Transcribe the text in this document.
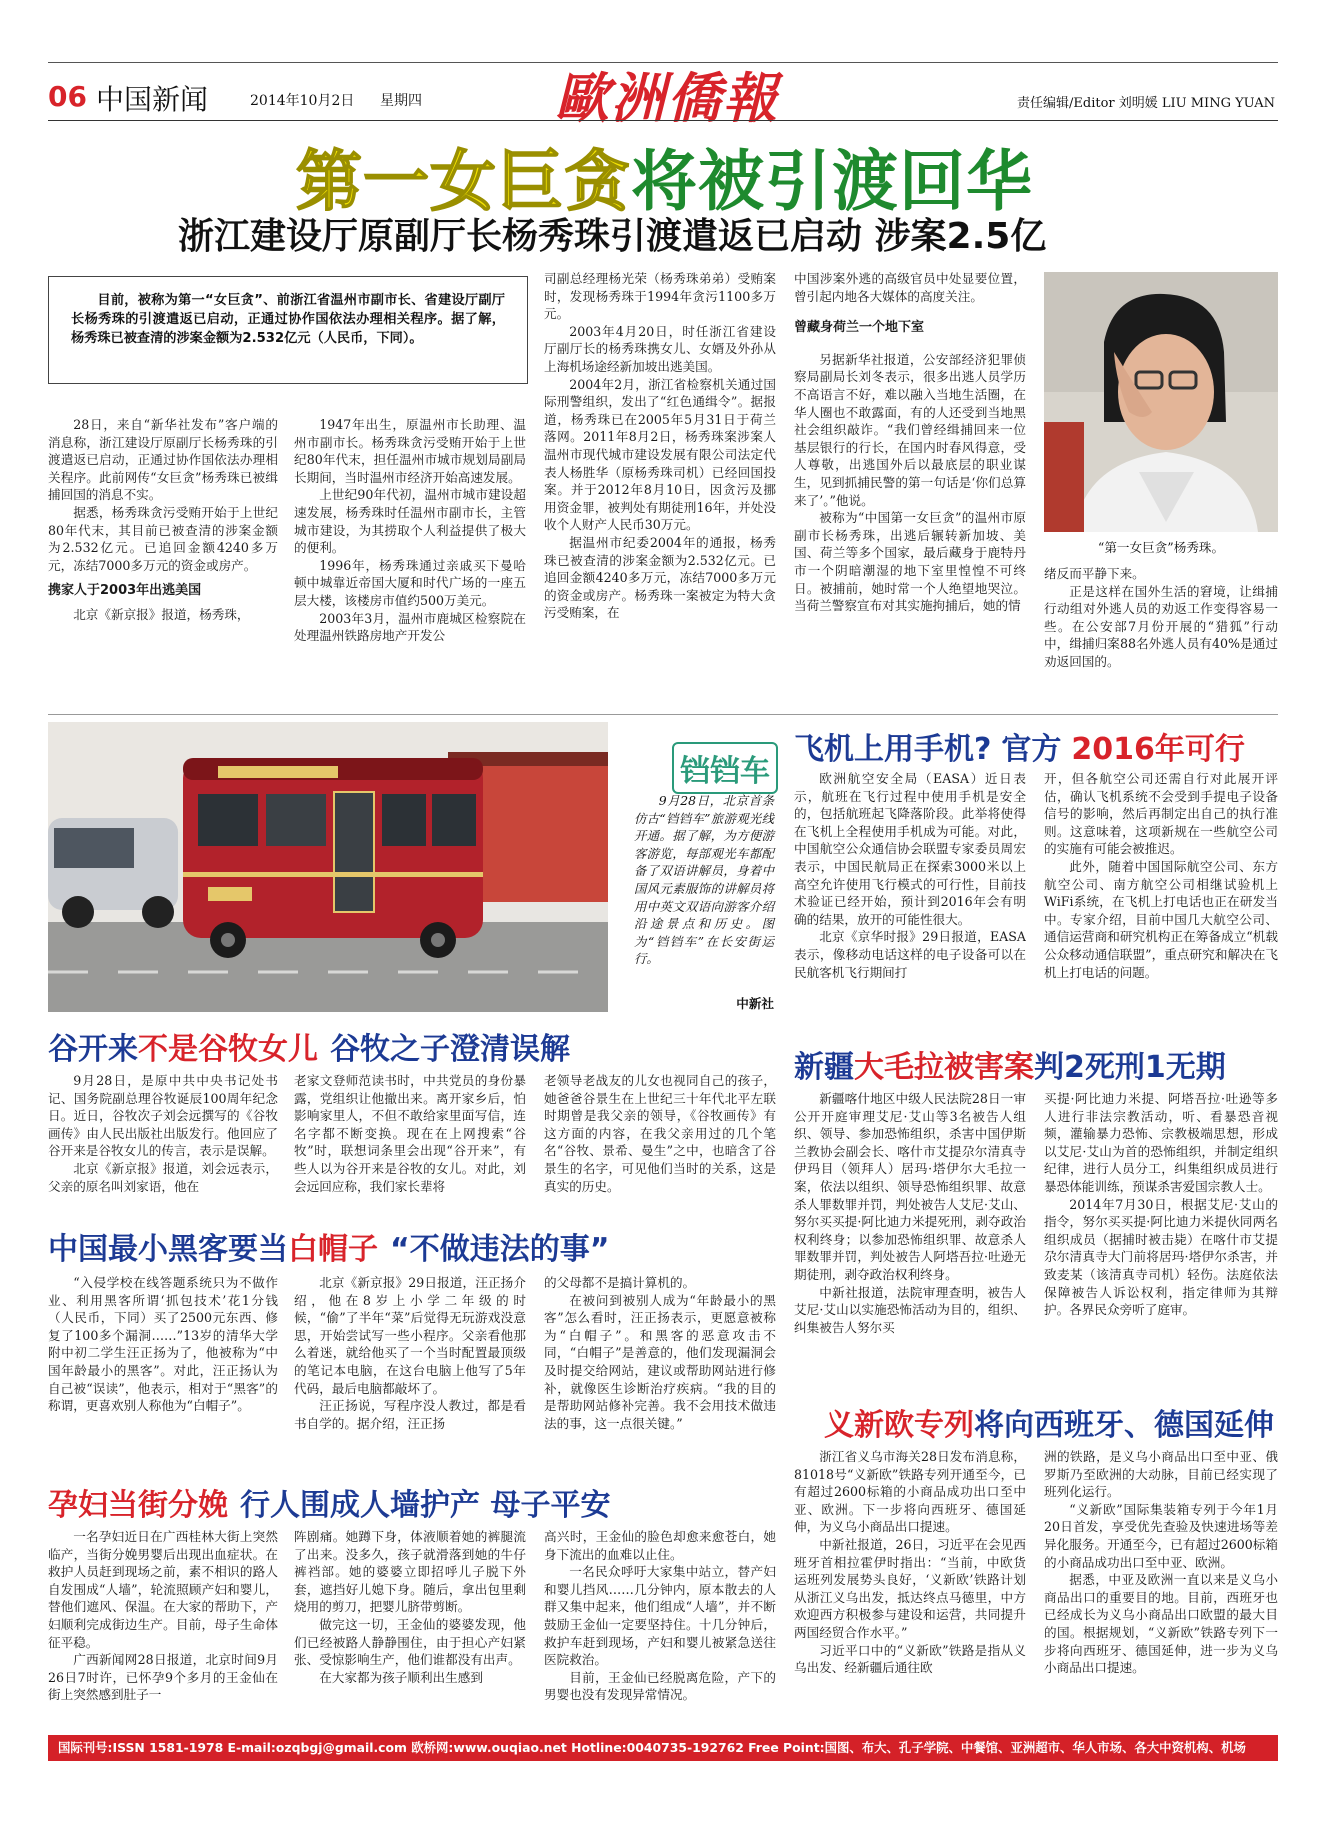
06 中国新闻	2014年10月2日 星期四 歐洲僑報	责任编辑/Editor 刘明媛 LIU MING YUAN
第一女巨贪将被引渡回华
浙江建设厅原副厅长杨秀珠引渡遣返已启动 涉案2.5亿
目前，被称为第一“女巨贪”、前浙江省温州市副市长、省建设厅副厅长杨秀珠的引渡遣返已启动，正通过协作国依法办理相关程序。据了解，杨秀珠已被查清的涉案金额为2.532亿元（人民币，下同）。

28日，来自“新华社发布”客户端的消息称，浙江建设厅原副厅长杨秀珠的引渡遣返已启动，正通过协作国依法办理相关程序。此前网传“女巨贪”杨秀珠已被缉捕回国的消息不实。

据悉，杨秀珠贪污受贿开始于上世纪80年代末，其目前已被查清的涉案金额为2.532亿元。已追回金额4240多万元，冻结7000多万元的资金或房产。

携家人于2003年出逃美国

北京《新京报》报道，杨秀珠，

1947年出生，原温州市长助理、温州市副市长。杨秀珠贪污受贿开始于上世纪80年代末，担任温州市城市规划局副局长期间，当时温州市经济开始高速发展。

上世纪90年代初，温州市城市建设超速发展，杨秀珠时任温州市副市长，主管城市建设，为其捞取个人利益提供了极大的便利。

1996年，杨秀珠通过亲戚买下曼哈顿中城靠近帝国大厦和时代广场的一座五层大楼，该楼房市值约500万美元。

2003年3月，温州市鹿城区检察院在处理温州铁路房地产开发公

司副总经理杨光荣（杨秀珠弟弟）受贿案时，发现杨秀珠于1994年贪污1100多万元。

2003年4月20日，时任浙江省建设厅副厅长的杨秀珠携女儿、女婿及外孙从上海机场途经新加坡出逃美国。

2004年2月，浙江省检察机关通过国际刑警组织，发出了“红色通缉令”。据报道，杨秀珠已在2005年5月31日于荷兰落网。2011年8月2日，杨秀珠案涉案人温州市现代城市建设发展有限公司法定代表人杨胜华（原杨秀珠司机）已经回国投案。并于2012年8月10日，因贪污及挪用资金罪，被判处有期徒刑16年，并处没收个人财产人民币30万元。

据温州市纪委2004年的通报，杨秀珠已被查清的涉案金额为2.532亿元。已追回金额4240多万元，冻结7000多万元的资金或房产。杨秀珠一案被定为特大贪污受贿案，在

中国涉案外逃的高级官员中处显要位置，曾引起内地各大媒体的高度关注。

曾藏身荷兰一个地下室

另据新华社报道，公安部经济犯罪侦察局副局长刘冬表示，很多出逃人员学历不高语言不好，难以融入当地生活圈，在华人圈也不敢露面，有的人还受到当地黑社会组织敲诈。“我们曾经缉捕回来一位基层银行的行长，在国内时春风得意，受人尊敬，出逃国外后以最底层的职业谋生，见到抓捕民警的第一句话是‘你们总算来了’。”他说。

被称为“中国第一女巨贪”的温州市原副市长杨秀珠，出逃后辗转新加坡、美国、荷兰等多个国家，最后藏身于鹿特丹市一个阴暗潮湿的地下室里惶惶不可终日。被捕前，她时常一个人绝望地哭泣。当荷兰警察宣布对其实施拘捕后，她的情

“第一女巨贪”杨秀珠。

绪反而平静下来。

正是这样在国外生活的窘境，让缉捕行动组对外逃人员的劝返工作变得容易一些。在公安部7月份开展的“猎狐”行动中，缉捕归案88名外逃人员有40%是通过劝返回国的。

铛铛车
9月28日，北京首条仿古“铛铛车”旅游观光线开通。据了解，为方便游客游览，每部观光车都配备了双语讲解员，身着中国风元素服饰的讲解员将用中英文双语向游客介绍沿途景点和历史。图为“铛铛车”在长安街运行。
中新社
飞机上用手机? 官方 2016年可行

欧洲航空安全局（EASA）近日表示，航班在飞行过程中使用手机是安全的，包括航班起飞降落阶段。此举将使得在飞机上全程使用手机成为可能。对此，中国航空公众通信协会联盟专家委员周宏表示，中国民航局正在探索3000米以上高空允许使用飞行模式的可行性，目前技术验证已经开始，预计到2016年会有明确的结果，放开的可能性很大。

北京《京华时报》29日报道，EASA表示，像移动电话这样的电子设备可以在民航客机飞行期间打

开，但各航空公司还需自行对此展开评估，确认飞机系统不会受到手提电子设备信号的影响，然后再制定出自己的执行准则。这意味着，这项新规在一些航空公司的实施有可能会被推迟。

此外，随着中国国际航空公司、东方航空公司、南方航空公司相继试验机上WiFi系统，在飞机上打电话也正在研发当中。专家介绍，目前中国几大航空公司、通信运营商和研究机构正在筹备成立“机载公众移动通信联盟”，重点研究和解决在飞机上打电话的问题。

谷开来不是谷牧女儿 谷牧之子澄清误解

9月28日，是原中共中央书记处书记、国务院副总理谷牧诞辰100周年纪念日。近日，谷牧次子刘会远撰写的《谷牧画传》由人民出版社出版发行。他回应了谷开来是谷牧女儿的传言，表示是误解。

北京《新京报》报道，刘会远表示，父亲的原名叫刘家语，他在

老家文登师范读书时，中共党员的身份暴露，党组织让他撤出来。离开家乡后，怕影响家里人，不但不敢给家里面写信，连名字都不断变换。现在在上网搜索“谷牧”时，联想词条里会出现“谷开来”，有些人以为谷开来是谷牧的女儿。对此，刘会远回应称，我们家长辈将

老领导老战友的儿女也视同自己的孩子，她爸爸谷景生在上世纪三十年代北平左联时期曾是我父亲的领导，《谷牧画传》有这方面的内容，在我父亲用过的几个笔名“谷牧、景希、曼生”之中，也暗含了谷景生的名字，可见他们当时的关系，这是真实的历史。

中国最小黑客要当白帽子 “不做违法的事”

“入侵学校在线答题系统只为不做作业、利用黑客所谓‘抓包技术’花1分钱（人民币，下同）买了2500元东西、修复了100多个漏洞……”13岁的清华大学附中初二学生汪正扬为了，他被称为“中国年龄最小的黑客”。对此，汪正扬认为自己被“误读”，他表示，相对于“黑客”的称谓，更喜欢别人称他为“白帽子”。

北京《新京报》29日报道，汪正扬介绍，他在8岁上小学二年级的时候，“偷”了半年“菜”后觉得无玩游戏没意思，开始尝试写一些小程序。父亲看他那么着迷，就给他买了一个当时配置最顶级的笔记本电脑，在这台电脑上他写了5年代码，最后电脑都敲坏了。

汪正扬说，写程序没人教过，都是看书自学的。据介绍，汪正扬

的父母都不是搞计算机的。

在被问到被别人成为“年龄最小的黑客”怎么看时，汪正扬表示，更愿意被称为“白帽子”。和黑客的恶意攻击不同，“白帽子”是善意的，他们发现漏洞会及时提交给网站，建议或帮助网站进行修补，就像医生诊断治疗疾病。“我的目的是帮助网站修补完善。我不会用技术做违法的事，这一点很关键。”

孕妇当街分娩 行人围成人墙护产 母子平安

一名孕妇近日在广西桂林大街上突然临产，当街分娩男婴后出现出血症状。在救护人员赶到现场之前，素不相识的路人自发围成“人墙”，轮流照顾产妇和婴儿，替他们遮风、保温。在大家的帮助下，产妇顺利完成街边生产。目前，母子生命体征平稳。

广西新闻网28日报道，北京时间9月26日7时许，已怀孕9个多月的王金仙在街上突然感到肚子一

阵剧痛。她蹲下身，体液顺着她的裤腿流了出来。没多久，孩子就滑落到她的牛仔裤裆部。她的婆婆立即招呼儿子脱下外套，遮挡好儿媳下身。随后，拿出包里剩烧用的剪刀，把婴儿脐带剪断。

做完这一切，王金仙的婆婆发现，他们已经被路人静静围住，由于担心产妇紧张、受惊影响生产，他们谁都没有出声。

在大家都为孩子顺利出生感到

高兴时，王金仙的脸色却愈来愈苍白，她身下流出的血难以止住。

一名民众呼吁大家集中站立，替产妇和婴儿挡风……几分钟内，原本散去的人群又集中起来，他们组成“人墙”，并不断鼓励王金仙一定要坚持住。十几分钟后，救护车赶到现场，产妇和婴儿被紧急送往医院救治。

目前，王金仙已经脱离危险，产下的男婴也没有发现异常情况。

新疆大毛拉被害案判2死刑1无期

新疆喀什地区中级人民法院28日一审公开开庭审理艾尼·艾山等3名被告人组织、领导、参加恐怖组织，杀害中国伊斯兰教协会副会长、喀什市艾提尕尔清真寺伊玛目（领拜人）居玛·塔伊尔大毛拉一案，依法以组织、领导恐怖组织罪、故意杀人罪数罪并罚，判处被告人艾尼·艾山、努尔买买提·阿比迪力米提死刑，剥夺政治权利终身；以参加恐怖组织罪、故意杀人罪数罪并罚，判处被告人阿塔吾拉·吐逊无期徒刑，剥夺政治权利终身。

中新社报道，法院审理查明，被告人艾尼·艾山以实施恐怖活动为目的，组织、纠集被告人努尔买

买提·阿比迪力米提、阿塔吾拉·吐逊等多人进行非法宗教活动，听、看暴恐音视频，灌输暴力恐怖、宗教极端思想，形成以艾尼·艾山为首的恐怖组织，并制定组织纪律，进行人员分工，纠集组织成员进行暴恐体能训练，预谋杀害爱国宗教人士。

2014年7月30日，根据艾尼·艾山的指令，努尔买买提·阿比迪力米提伙同两名组织成员（据捕时被击毙）在喀什市艾提尕尔清真寺大门前将居玛·塔伊尔杀害，并致麦某（该清真寺司机）轻伤。法庭依法保障被告人诉讼权利，指定律师为其辩护。各界民众旁听了庭审。

义新欧专列将向西班牙、德国延伸

浙江省义乌市海关28日发布消息称，81018号“义新欧”铁路专列开通至今，已有超过2600标箱的小商品成功出口至中亚、欧洲。下一步将向西班牙、德国延伸，为义乌小商品出口提速。

中新社报道，26日，习近平在会见西班牙首相拉霍伊时指出：“当前，中欧货运班列发展势头良好，‘义新欧’铁路计划从浙江义乌出发，抵达终点马德里，中方欢迎西方积极参与建设和运营，共同提升两国经贸合作水平。”

习近平口中的“义新欧”铁路是指从义乌出发、经新疆后通往欧

洲的铁路，是义乌小商品出口至中亚、俄罗斯乃至欧洲的大动脉，目前已经实现了班列化运行。

“义新欧”国际集装箱专列于今年1月20日首发，享受优先查验及快速进场等差异化服务。开通至今，已有超过2600标箱的小商品成功出口至中亚、欧洲。

据悉，中亚及欧洲一直以来是义乌小商品出口的重要目的地。目前，西班牙也已经成长为义乌小商品出口欧盟的最大目的国。根据规划，“义新欧”铁路专列下一步将向西班牙、德国延伸，进一步为义乌小商品出口提速。

国际刊号:ISSN 1581-1978 E-mail:ozqbgj@gmail.com 欧桥网:www.ouqiao.net Hotline:0040735-192762 Free Point:国图、布大、孔子学院、中餐馆、亚洲超市、华人市场、各大中资机构、机场
